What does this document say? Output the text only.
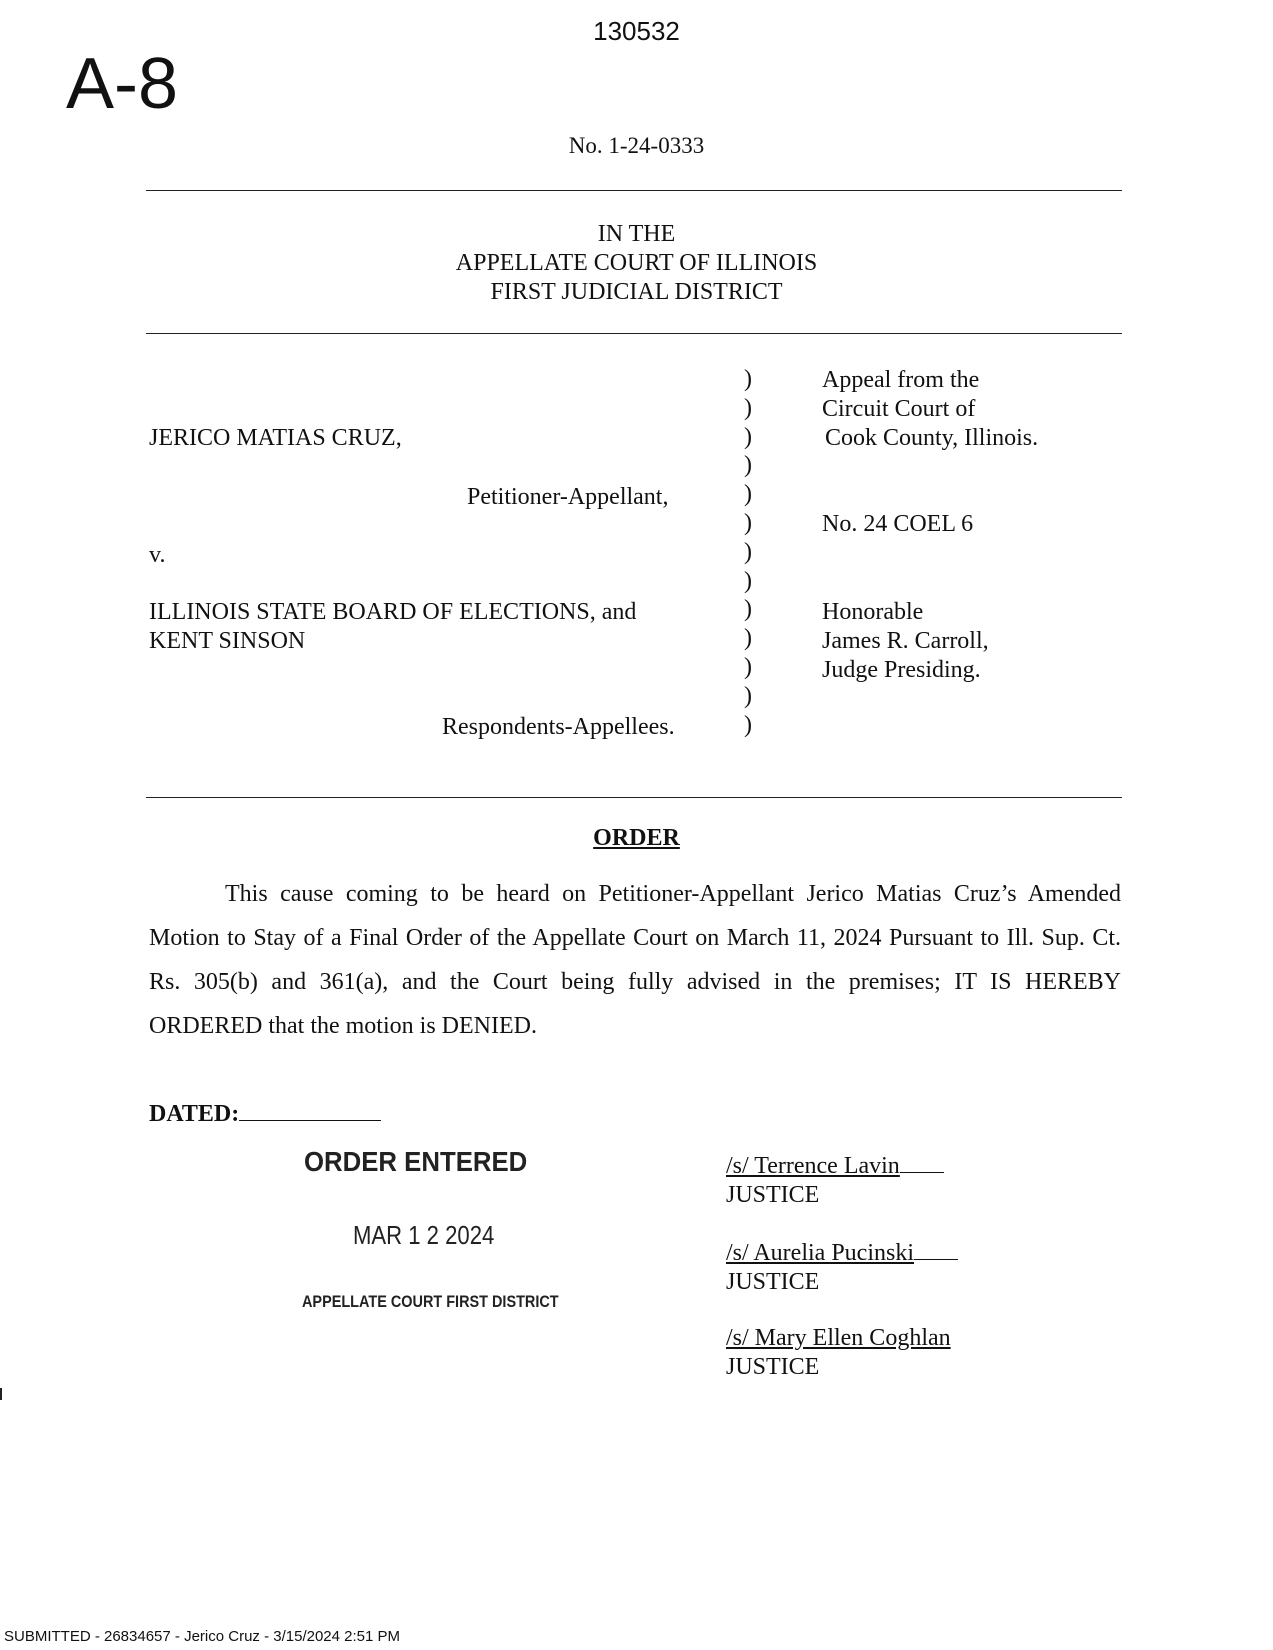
130532
A-8
No. 1-24-0333
IN THE
APPELLATE COURT OF ILLINOIS
FIRST JUDICIAL DISTRICT
JERICO MATIAS CRUZ,
Petitioner-Appellant,
v.
ILLINOIS STATE BOARD OF ELECTIONS, and
KENT SINSON
Respondents-Appellees.
)
)
)
)
)
)
)
)
)
)
)
)
)
Appeal from the
Circuit Court of
Cook County, Illinois.
No. 24 COEL 6
Honorable
James R. Carroll,
Judge Presiding.
ORDER
This cause coming to be heard on Petitioner-Appellant Jerico Matias Cruz’s Amended Motion to Stay of a Final Order of the Appellate Court on March 11, 2024 Pursuant to Ill. Sup. Ct. Rs. 305(b) and 361(a), and the Court being fully advised in the premises; IT IS HEREBY ORDERED that the motion is DENIED.
DATED:
ORDER ENTERED
MAR 1 2 2024
APPELLATE COURT FIRST DISTRICT
/s/ Terrence Lavin
JUSTICE
/s/ Aurelia Pucinski
JUSTICE
/s/ Mary Ellen Coghlan
JUSTICE
SUBMITTED - 26834657 - Jerico Cruz - 3/15/2024 2:51 PM
